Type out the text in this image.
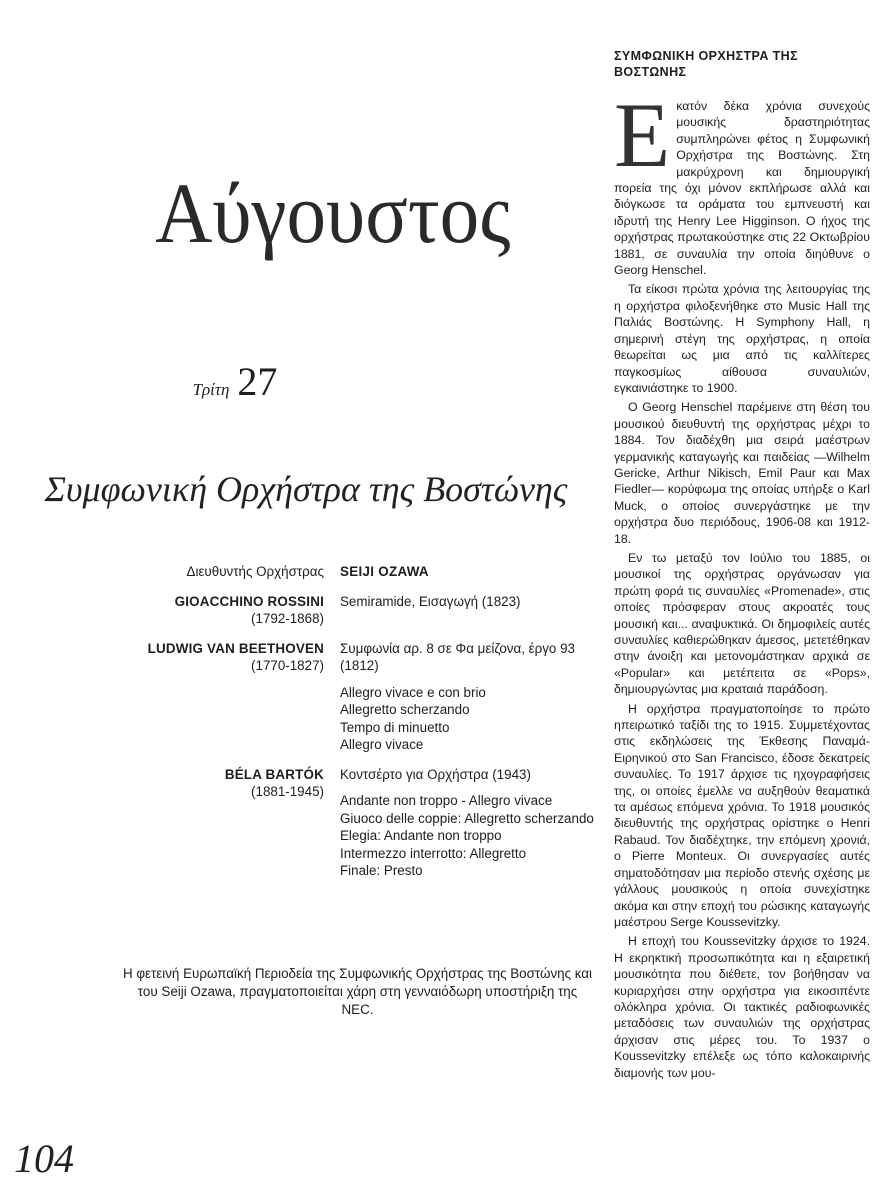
Αύγουστος
Τρίτη 27
Συμφωνική Ορχήστρα της Βοστώνης
Διευθυντής Ορχήστρας	SEIJI OZAWA
GIOACCHINO ROSSINI
(1792-1868)
Semiramide, Εισαγωγή (1823)
LUDWIG VAN BEETHOVEN
(1770-1827)
Συμφωνία αρ. 8 σε Φα μείζονα, έργο 93 (1812)
Allegro vivace e con brio
Allegretto scherzando
Tempo di minuetto
Allegro vivace
BÉLA BARTÓK
(1881-1945)
Κοντσέρτο για Ορχήστρα (1943)
Andante non troppo - Allegro vivace
Giuoco delle coppie: Allegretto scherzando
Elegia: Andante non troppo
Intermezzo interrotto: Allegretto
Finale: Presto
Η φετεινή Ευρωπαϊκή Περιοδεία της Συμφωνικής Ορχήστρας της Βοστώνης και του Seiji Ozawa, πραγματοποιείται χάρη στη γενναιόδωρη υποστήριξη της NEC.
104
ΣΥΜΦΩΝΙΚΗ ΟΡΧΗΣΤΡΑ ΤΗΣ ΒΟΣΤΩΝΗΣ

Ε κατόν δέκα χρόνια συνεχούς μουσικής δραστηριότητας συμπληρώνει φέτος η Συμφωνική Ορχήστρα της Βοστώνης. Στη μακρύχρονη και δημιουργική πορεία της όχι μόνον εκπλήρωσε αλλά και διόγκωσε τα οράματα του εμπνευστή και ιδρυτή της Henry Lee Higginson. O ήχος της ορχήστρας πρωτακούστηκε στις 22 Οκτωβρίου 1881, σε συναυλία την οποία διηύθυνε ο Georg Henschel.

Τα είκοσι πρώτα χρόνια της λειτουργίας της η ορχήστρα φιλοξενήθηκε στο Music Hall της Παλιάς Βοστώνης. Η Symphony Hall, η σημερινή στέγη της ορχήστρας, η οποία θεωρείται ως μια από τις καλλίτερες παγκοσμίως αίθουσα συναυλιών, εγκαινιάστηκε το 1900.

Ο Georg Henschel παρέμεινε στη θέση του μουσικού διευθυντή της ορχήστρας μέχρι το 1884. Τον διαδέχθη μια σειρά μαέστρων γερμανικής καταγωγής και παιδείας —Wilhelm Gericke, Arthur Nikisch, Emil Paur και Max Fiedler— κορύφωμα της οποίας υπήρξε ο Karl Muck, ο οποίος συνεργάστηκε με την ορχήστρα δυο περιόδους, 1906-08 και 1912-18.

Εν τω μεταξύ τον Ιούλιο του 1885, οι μουσικοί της ορχήστρας οργάνωσαν για πρώτη φορά τις συναυλίες «Promenade», στις οποίες πρόσφεραν στους ακροατές τους μουσική και... αναψυκτικά. Οι δημοφιλείς αυτές συναυλίες καθιερώθηκαν άμεσος, μετετέθηκαν στην άνοιξη και μετονομάστηκαν αρχικά σε «Popular» και μετέπειτα σε «Pops», δημιουργώντας μια κραταιά παράδοση.

Η ορχήστρα πραγματοποίησε το πρώτο ηπειρωτικό ταξίδι της το 1915. Συμμετέχοντας στις εκδηλώσεις της Έκθεσης Παναμά-Ειρηνικού στο San Francisco, έδοσε δεκατρείς συναυλίες. Το 1917 άρχισε τις ηχογραφήσεις της, οι οποίες έμελλε να αυξηθούν θεαματικά τα αμέσως επόμενα χρόνια. Το 1918 μουσικός διευθυντής της ορχήστρας ορίστηκε ο Henri Rabaud. Τον διαδέχτηκε, την επόμενη χρονιά, ο Pierre Monteux. Οι συνεργασίες αυτές σηματοδότησαν μια περίοδο στενής σχέσης με γάλλους μουσικούς η οποία συνεχίστηκε ακόμα και στην εποχή του ρώσικης καταγωγής μαέστρου Serge Koussevitzky.

Η εποχή του Koussevitzky άρχισε το 1924. Η εκρηκτική προσωπικότητα και η εξαιρετική μουσικότητα που διέθετε, τον βοήθησαν να κυριαρχήσει στην ορχήστρα για εικοσιπέντε ολόκληρα χρόνια. Οι τακτικές ραδιοφωνικές μεταδόσεις των συναυλιών της ορχήστρας άρχισαν στις μέρες του. Το 1937 ο Koussevitzky επέλεξε ως τόπο καλοκαιρινής διαμονής των μου-
